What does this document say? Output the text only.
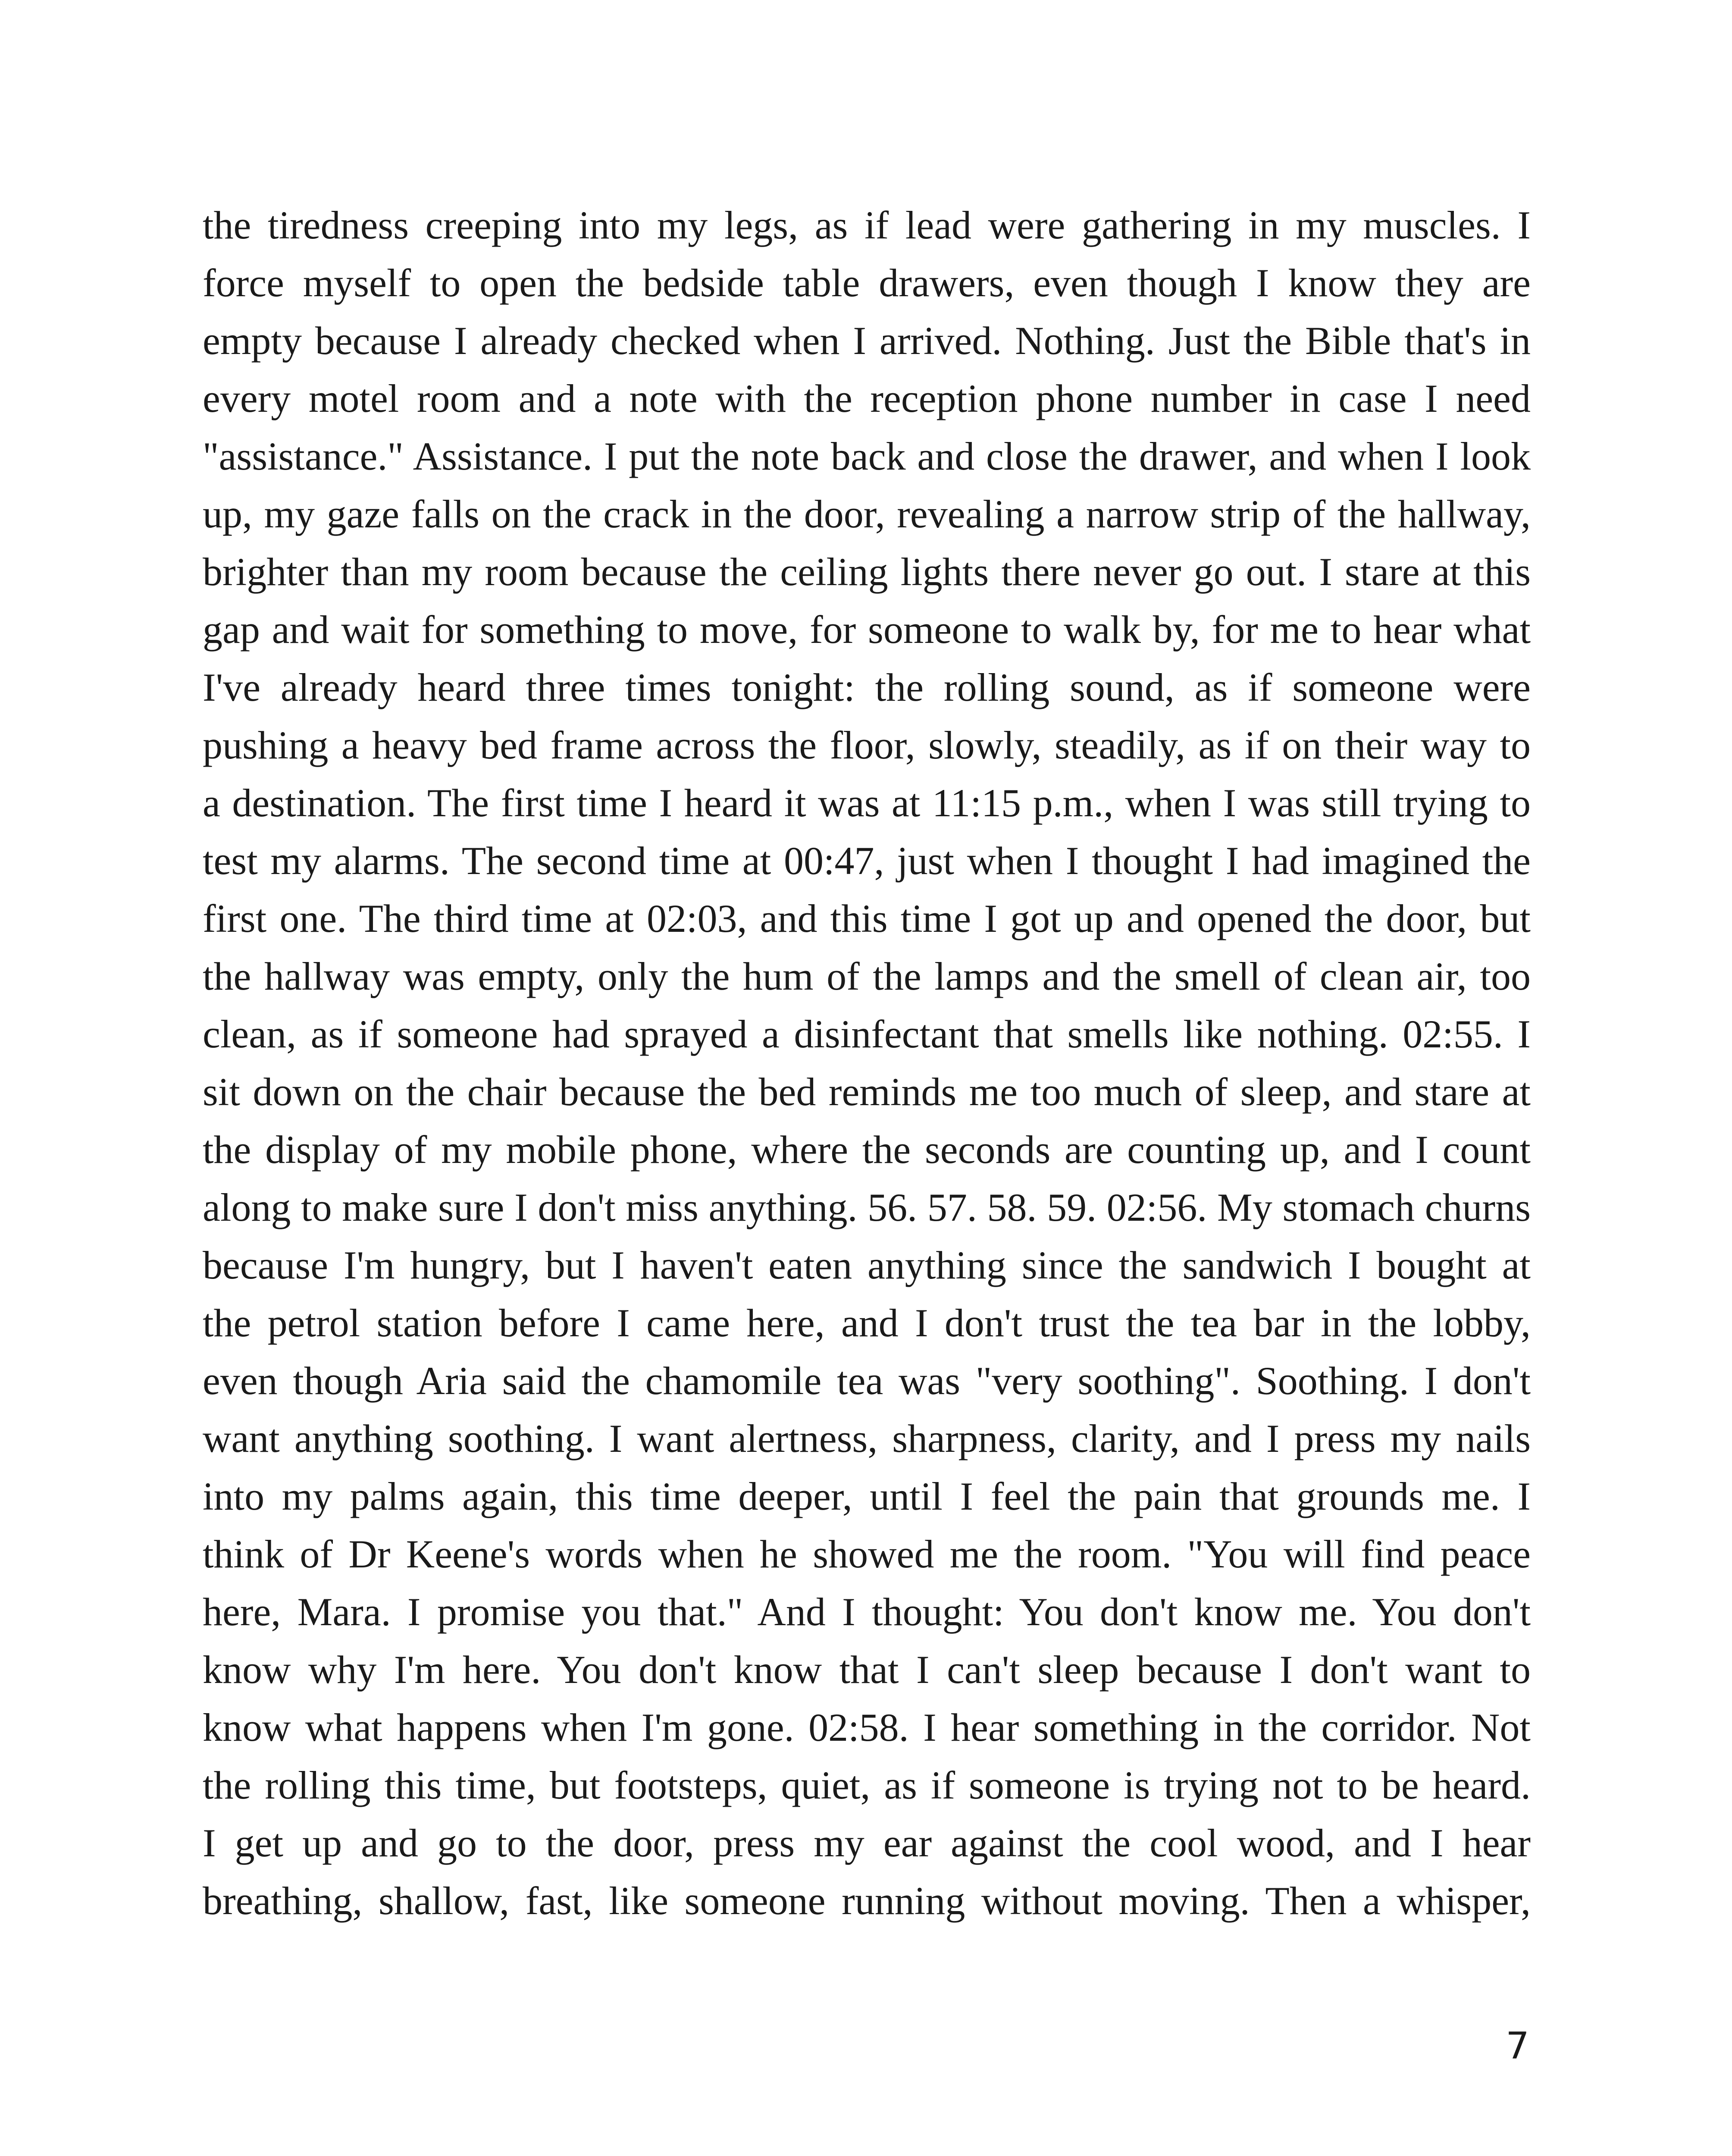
the tiredness creeping into my legs, as if lead were gathering in my muscles. I
force myself to open the bedside table drawers, even though I know they are
empty because I already checked when I arrived. Nothing. Just the Bible that's in
every motel room and a note with the reception phone number in case I need
"assistance." Assistance. I put the note back and close the drawer, and when I look
up, my gaze falls on the crack in the door, revealing a narrow strip of the hallway,
brighter than my room because the ceiling lights there never go out. I stare at this
gap and wait for something to move, for someone to walk by, for me to hear what
I've already heard three times tonight: the rolling sound, as if someone were
pushing a heavy bed frame across the floor, slowly, steadily, as if on their way to
a destination. The first time I heard it was at 11:15 p.m., when I was still trying to
test my alarms. The second time at 00:47, just when I thought I had imagined the
first one. The third time at 02:03, and this time I got up and opened the door, but
the hallway was empty, only the hum of the lamps and the smell of clean air, too
clean, as if someone had sprayed a disinfectant that smells like nothing. 02:55. I
sit down on the chair because the bed reminds me too much of sleep, and stare at
the display of my mobile phone, where the seconds are counting up, and I count
along to make sure I don't miss anything. 56. 57. 58. 59. 02:56. My stomach churns
because I'm hungry, but I haven't eaten anything since the sandwich I bought at
the petrol station before I came here, and I don't trust the tea bar in the lobby,
even though Aria said the chamomile tea was "very soothing". Soothing. I don't
want anything soothing. I want alertness, sharpness, clarity, and I press my nails
into my palms again, this time deeper, until I feel the pain that grounds me. I
think of Dr Keene's words when he showed me the room. "You will find peace
here, Mara. I promise you that." And I thought: You don't know me. You don't
know why I'm here. You don't know that I can't sleep because I don't want to
know what happens when I'm gone. 02:58. I hear something in the corridor. Not
the rolling this time, but footsteps, quiet, as if someone is trying not to be heard.
I get up and go to the door, press my ear against the cool wood, and I hear
breathing, shallow, fast, like someone running without moving. Then a whisper,
7
